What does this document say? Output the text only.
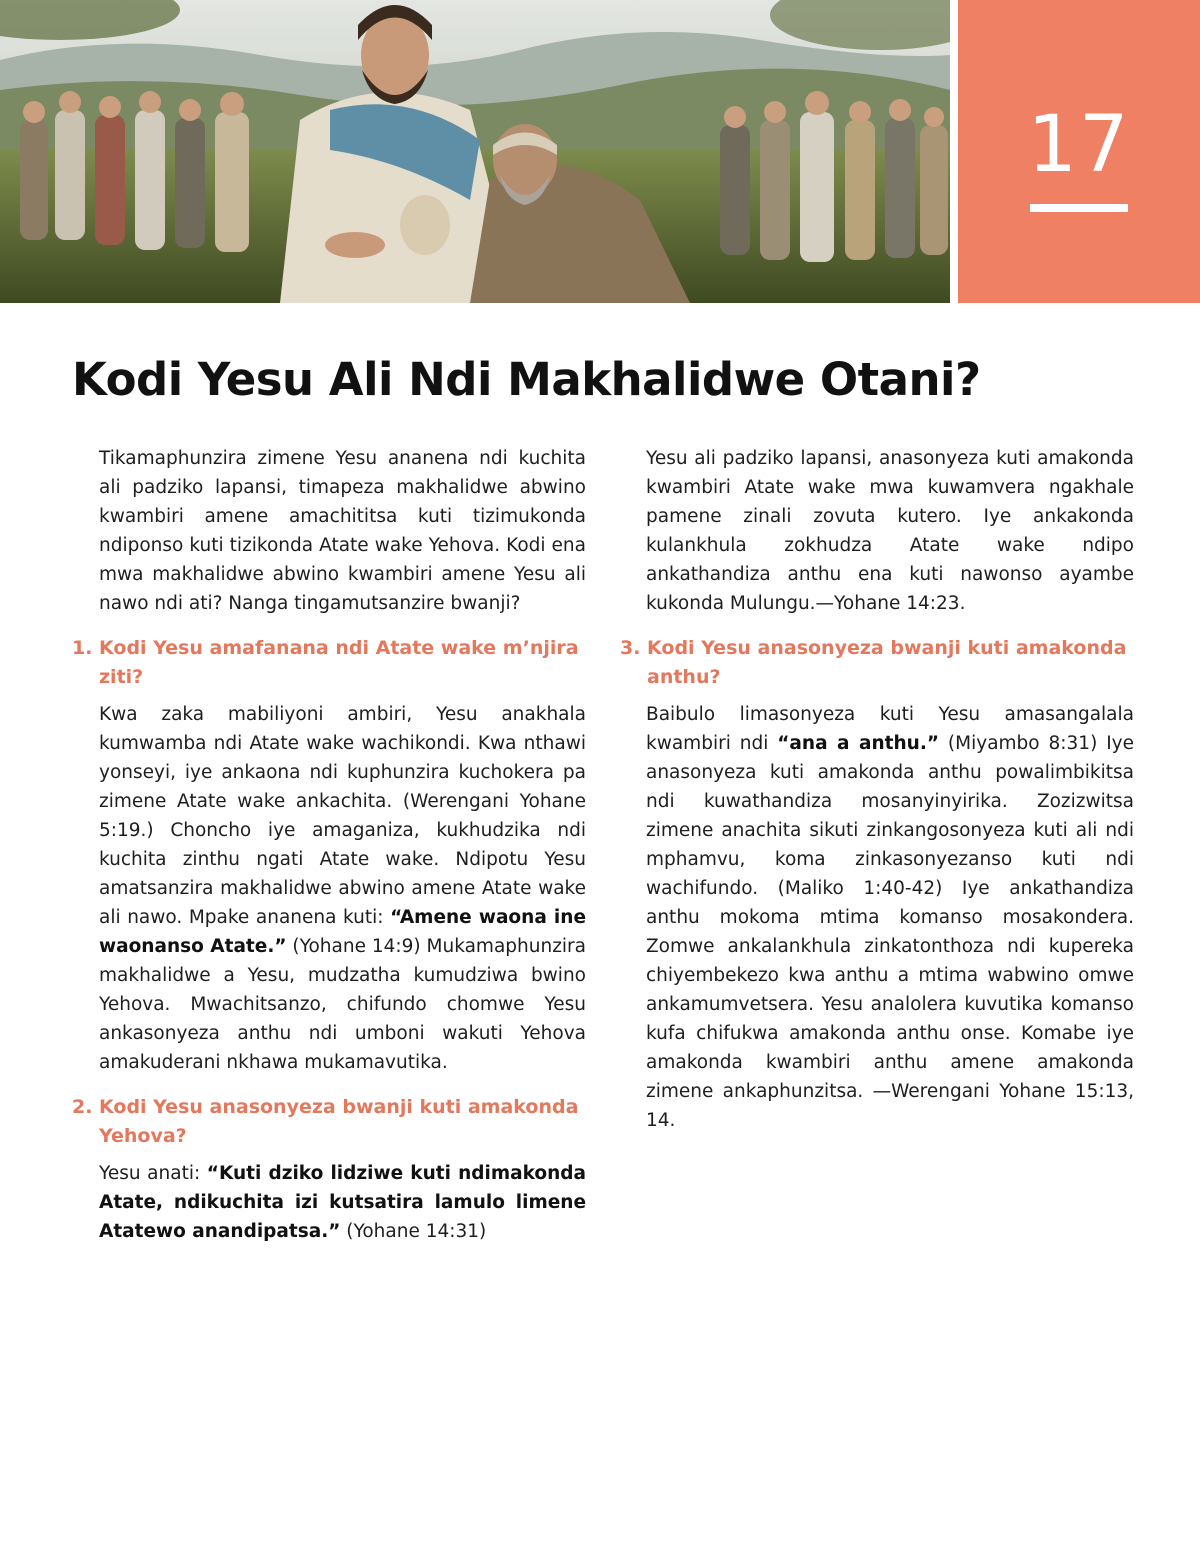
17
Kodi Yesu Ali Ndi Makhalidwe Otani?

Tikamaphunzira zimene Yesu ananena ndi kuchita ali padziko lapansi, timapeza makhalidwe abwino kwambiri amene amachititsa kuti tizimukonda ndiponso kuti tizikonda Atate wake Yehova. Kodi ena mwa makhalidwe abwino kwambiri amene Yesu ali nawo ndi ati? Nanga tingamutsanzire bwanji?

1. Kodi Yesu amafanana ndi Atate wake m’njira ziti?

Kwa zaka mabiliyoni ambiri, Yesu anakhala kumwamba ndi Atate wake wachikondi. Kwa nthawi yonseyi, iye ankaona ndi kuphunzira kuchokera pa zimene Atate wake ankachita. (Werengani Yohane 5:19.) Choncho iye amaganiza, kukhudzika ndi kuchita zinthu ngati Atate wake. Ndipotu Yesu amatsanzira makhalidwe abwino amene Atate wake ali nawo. Mpake ananena kuti: “Amene waona ine waonanso Atate.” (Yohane 14:9) Mukamaphunzira makhalidwe a Yesu, mudzatha kumudziwa bwino Yehova. Mwachitsanzo, chifundo chomwe Yesu ankasonyeza anthu ndi umboni wakuti Yehova amakuderani nkhawa mukamavutika.

2. Kodi Yesu anasonyeza bwanji kuti amakonda Yehova?

Yesu anati: “Kuti dziko lidziwe kuti ndimakonda Atate, ndikuchita izi kutsatira lamulo limene Atatewo anandipatsa.” (Yohane 14:31)

Yesu ali padziko lapansi, anasonyeza kuti amakonda kwambiri Atate wake mwa kuwamvera ngakhale pamene zinali zovuta kutero. Iye ankakonda kulankhula zokhudza Atate wake ndipo ankathandiza anthu ena kuti nawonso ayambe kukonda Mulungu.—Yohane 14:23.

3. Kodi Yesu anasonyeza bwanji kuti amakonda anthu?

Baibulo limasonyeza kuti Yesu amasangalala kwambiri ndi “ana a anthu.” (Miyambo 8:31) Iye anasonyeza kuti amakonda anthu powalimbikitsa ndi kuwathandiza mosanyinyirika. Zozizwitsa zimene anachita sikuti zinkangosonyeza kuti ali ndi mphamvu, koma zinkasonyezanso kuti ndi wachifundo. (Maliko 1:40-42) Iye ankathandiza anthu mokoma mtima komanso mosakondera. Zomwe ankalankhula zinkatonthoza ndi kupereka chiyembekezo kwa anthu a mtima wabwino omwe ankamumvetsera. Yesu analolera kuvutika komanso kufa chifukwa amakonda anthu onse. Komabe iye amakonda kwambiri anthu amene amakonda zimene ankaphunzitsa. —Werengani Yohane 15:13, 14.
